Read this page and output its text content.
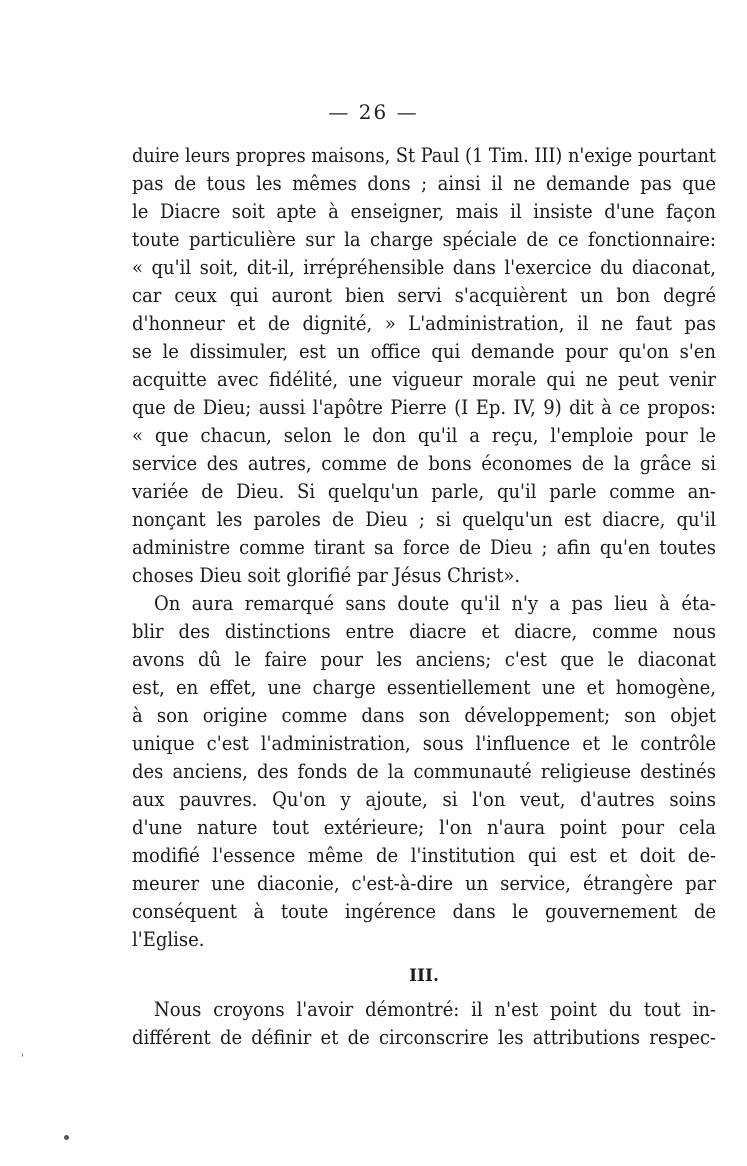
— 26 —
duire leurs propres maisons, St Paul (1 Tim. III) n'exige pourtant
pas de tous les mêmes dons ; ainsi il ne demande pas que
le Diacre soit apte à enseigner, mais il insiste d'une façon
toute particulière sur la charge spéciale de ce fonctionnaire:
« qu'il soit, dit-il, irrépréhensible dans l'exercice du diaconat,
car ceux qui auront bien servi s'acquièrent un bon degré
d'honneur et de dignité, » L'administration, il ne faut pas
se le dissimuler, est un office qui demande pour qu'on s'en
acquitte avec fidélité, une vigueur morale qui ne peut venir
que de Dieu; aussi l'apôtre Pierre (I Ep. IV, 9) dit à ce propos:
« que chacun, selon le don qu'il a reçu, l'emploie pour le
service des autres, comme de bons économes de la grâce si
variée de Dieu. Si quelqu'un parle, qu'il parle comme an-
nonçant les paroles de Dieu ; si quelqu'un est diacre, qu'il
administre comme tirant sa force de Dieu ; afin qu'en toutes
choses Dieu soit glorifié par Jésus Christ».
On aura remarqué sans doute qu'il n'y a pas lieu à éta-
blir des distinctions entre diacre et diacre, comme nous
avons dû le faire pour les anciens; c'est que le diaconat
est, en effet, une charge essentiellement une et homogène,
à son origine comme dans son développement; son objet
unique c'est l'administration, sous l'influence et le contrôle
des anciens, des fonds de la communauté religieuse destinés
aux pauvres. Qu'on y ajoute, si l'on veut, d'autres soins
d'une nature tout extérieure; l'on n'aura point pour cela
modifié l'essence même de l'institution qui est et doit de-
meurer une diaconie, c'est-à-dire un service, étrangère par
conséquent à toute ingérence dans le gouvernement de
l'Eglise.
III.
Nous croyons l'avoir démontré: il n'est point du tout in-
différent de définir et de circonscrire les attributions respec-
